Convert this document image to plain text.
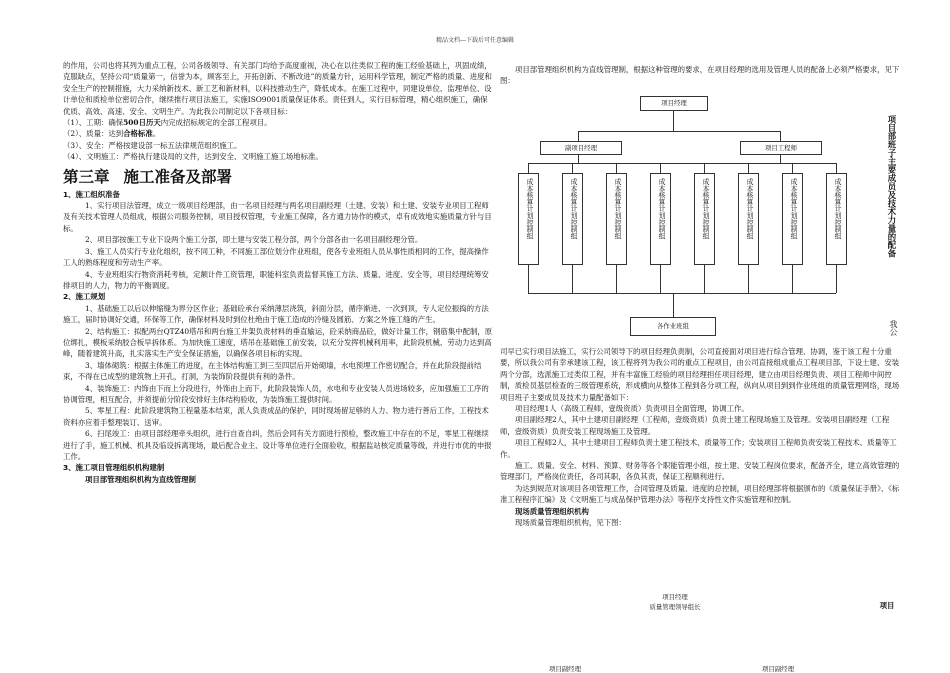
精品文档---下载后可任意编辑

的作用，公司也将其列为重点工程，公司各级领导、有关部门均给予高度重视，决心在以往类似工程的施工经验基础上，巩固成绩，克服缺点，坚持公司“质量第一，信誉为本，顾客至上，开拓创新、不断改进”的质量方针，运用科学管理，制定严格的质量、进度和安全生产的控制措施，大力采纳新技术、新工艺和新材料，以科技推动生产，降低成本。在施工过程中，同建设单位、监理单位、设计单位和质检单位密切合作，继续推行项目法施工，实施ISO9001质量保证体系。责任到人，实行目标管理，精心组织施工，确保优质、高效、高速、安全、文明生产。为此我公司制定以下各项目标：

（1）、工期：确保500日历天内完成招标规定的全部工程项目。

（2）、质量：达到合格标准。

（3）、安全：严格按建设部一标五法律规范组织施工。

（4）、文明施工：严格执行建设局的文件，达到安全、文明施工施工场地标准。

第三章 施工准备及部署

1、施工组织准备

1、实行项目法管理，成立一级项目经理部，由一名项目经理与两名项目副经理（土建、安装）和土建、安装专业项目工程师及有关技术管理人员组成，根据公司服务控制，项目授权管理，专业施工保障，各方通力协作的模式，卓有成效地实施质量方针与目标。

2、项目部按施工专业下设两个施工分部，即土建与安装工程分部，两个分部各由一名项目副经理分管。

3、施工人员实行专业化组织，按不同工种，不同施工部位划分作业班组，使各专业班组人员从事性质相同的工作，提高操作工人的熟练程度和劳动生产率。

4、专业班组实行物资消耗考核，定额计件工资管理，职能科室负责监督其施工方法、质量、进度、安全等，项目经理统筹安排项目的人力，物力的平衡调度。

2、施工规划

1、基础施工以后以伸缩缝为界分区作业；基础砼承台采纳薄层浇筑，斜面分层，循序渐进、一次到顶，专人定位振捣的方法施工，届时协调好交通，环保等工作，确保材料及时到位杜绝由于施工造成的冷缝及圆筋、方案之外施工缝的产生。

2、结构施工：拟配两台QTZ40塔吊和两台施工井架负责材料的垂直输运，砼采纳商品砼，做好计量工作，钢筋集中配制，原位绑扎，模板采纳胶合板早拆体系。为加快施工速度，塔吊在基础施工前安装，以充分发挥机械利用率，此阶段机械、劳动力达到高峰，随着建筑升高，扎实落实生产安全保证措施，以确保各项目标的实现。

3、墙体砌筑：根据主体施工的进度，在主体结构施工到三至四层后开始砌墙，水电预埋工作密切配合，并在此阶段提前结束，不得在已成型的建筑物上开孔，打洞，为装饰阶段提供有利的条件。

4、装饰施工：内饰由下而上分段进行，外饰由上而下，此阶段装饰人员，水电和专业安装人员进场较多，应加强施工工序的协调管理，相互配合，并须提前分阶段安排好主体结构验收，为装饰施工提供时间。

5、零星工程：此阶段建筑物工程量基本结束，派人负责成品的保护，同时现场留足够的人力、物力进行善后工作，工程技术资料亦应着手整理装订、送审。

6、扫尾竣工：由项目部经理牵头组织，进行自查自纠，然后会同有关方面进行预检，整改施工中存在的不足，零星工程继续进行了手，施工机械、机具及临设拆离现场，最后配合业主、设计等单位进行全面验收，根据监站核定质量等级，并进行市优的申报工作。

3、施工项目管理组织机构建制

项目部管理组织机构为直线管理制

项目部管理组织机构为直线管理制，根据这种管理的要求，在项目经理的选用及管理人员的配备上必须严格要求，见下图：

项目经理
副项目经理	项目工程师
成本核算计划控制组	成本核算计划控制组	成本核算计划控制组	成本核算计划控制组	成本核算计划控制组	成本核算计划控制组	成本核算计划控制组	成本核算计划控制组
各作业班组
项目部班子主要成员及技术力量的配备
我公

司早已实行项目法施工，实行公司领导下的项目经理负责制，公司直接面对项目进行综合管理、协调，鉴于该工程十分重要，所以我公司有幸承建该工程，该工程将列为我公司的重点工程项目，由公司直接组成重点工程项目部，下设土建、安装两个分部，选派施工过类似工程，并有丰富施工经验的项目经理担任项目经理，建立由项目经理负责、项目工程师中间控制，质检员基层检查的三级管理系统，形成横向从整体工程到各分项工程，纵向从项目到到作业班组的质量管理网络，现场项目班子主要成员及技术力量配备如下：

项目经理1人（高级工程师，壹级资质）负责项目全面管理，协调工作。

项目副经理2人，其中土建项目副经理（工程师，壹级资质）负责土建工程现场施工及管理。安装项目副经理（工程师，壹级资质）负责安装工程现场施工及管理。

项目工程师2人，其中土建项目工程师负责土建工程技术、质量等工作；安装项目工程师负责安装工程技术、质量等工作。

施工、质量、安全、材料、预算、财务等各个职能管理小组，按土建、安装工程岗位要求，配备齐全，建立高效管理的管理部门，严格岗位责任，各司其职，各负其责，保证工程顺利进行。

为达到规范对该项目各项管理工作，合同管理及质量、进度的总控制，项目经理部将根据颁布的《质量保证手册》、《标准工程程序汇编》及《文明施工与成品保护管理办法》等程序支持性文件实施管理和控制。

现场质量管理组织机构

现场质量管理组织机构，见下图：

项目经理
质量管理领导组长	项目
项目副经理	项目副经理
